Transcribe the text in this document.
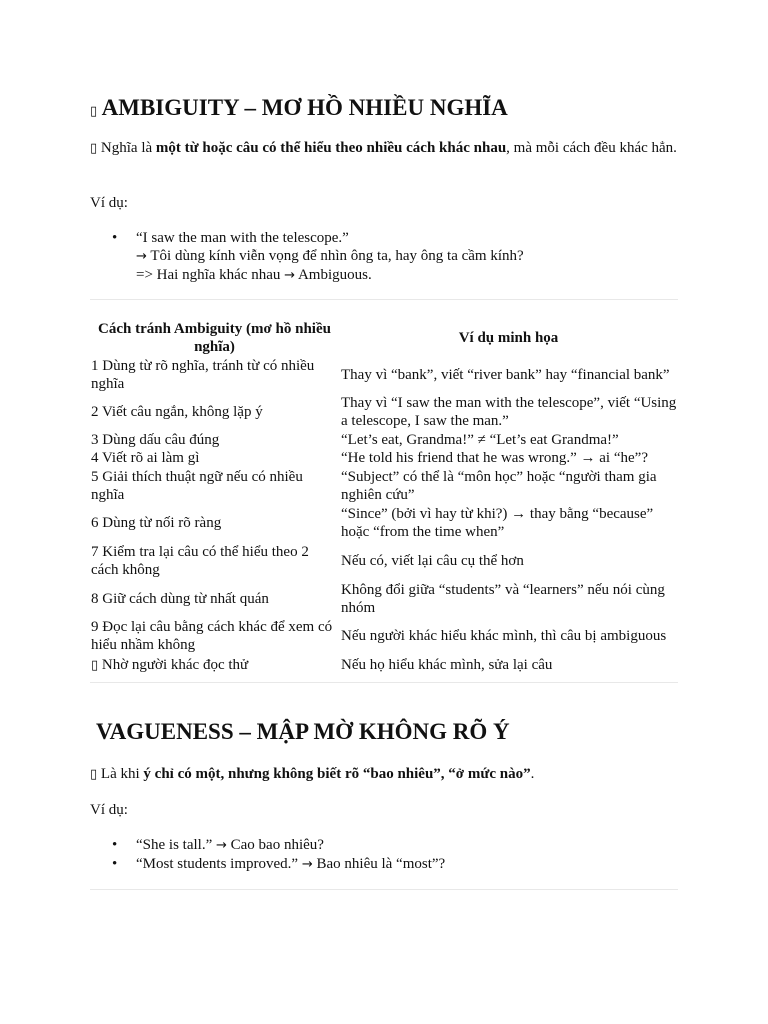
▯ AMBIGUITY – MƠ HỒ NHIỀU NGHĨA

▯ Nghĩa là một từ hoặc câu có thể hiểu theo nhiều cách khác nhau, mà mỗi cách đều khác hẳn.

Ví dụ:

• “I saw the man with the telescope.”
→ Tôi dùng kính viễn vọng để nhìn ông ta, hay ông ta cầm kính?
=> Hai nghĩa khác nhau → Ambiguous.
Cách tránh Ambiguity (mơ hồ nhiều nghĩa)	Ví dụ minh họa
1 Dùng từ rõ nghĩa, tránh từ có nhiều nghĩa	Thay vì “bank”, viết “river bank” hay “financial bank”
2 Viết câu ngắn, không lặp ý	Thay vì “I saw the man with the telescope”, viết “Using a telescope, I saw the man.”
3 Dùng dấu câu đúng	“Let’s eat, Grandma!” ≠ “Let’s eat Grandma!”
4 Viết rõ ai làm gì	“He told his friend that he was wrong.” → ai “he”?
5 Giải thích thuật ngữ nếu có nhiều nghĩa	“Subject” có thể là “môn học” hoặc “người tham gia nghiên cứu”
6 Dùng từ nối rõ ràng	“Since” (bởi vì hay từ khi?) → thay bằng “because” hoặc “from the time when”
7 Kiểm tra lại câu có thể hiểu theo 2 cách không	Nếu có, viết lại câu cụ thể hơn
8 Giữ cách dùng từ nhất quán	Không đổi giữa “students” và “learners” nếu nói cùng nhóm
9 Đọc lại câu bằng cách khác để xem có hiểu nhầm không	Nếu người khác hiểu khác mình, thì câu bị ambiguous
▯ Nhờ người khác đọc thử	Nếu họ hiểu khác mình, sửa lại câu
VAGUENESS – MẬP MỜ KHÔNG RÕ Ý

▯ Là khi ý chỉ có một, nhưng không biết rõ “bao nhiêu”, “ở mức nào”.

Ví dụ:

• “She is tall.” → Cao bao nhiêu?
• “Most students improved.” → Bao nhiêu là “most”?
